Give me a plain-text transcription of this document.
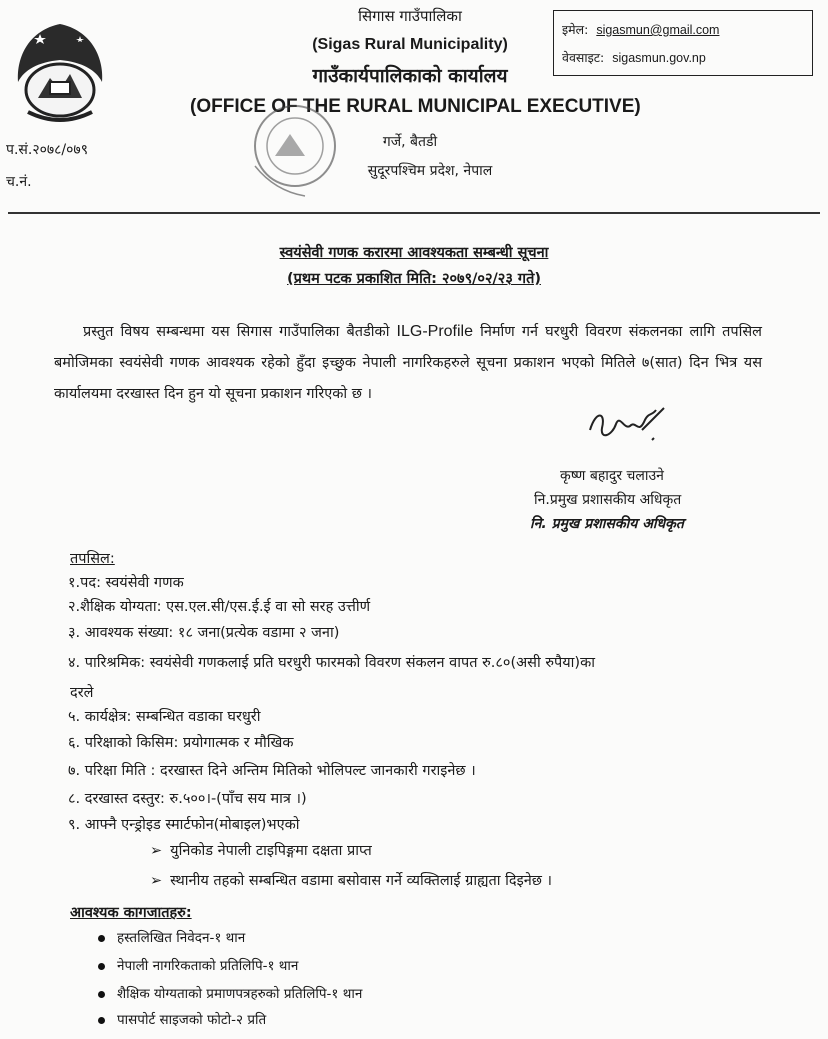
सिगास गाउँपालिका
(Sigas Rural Municipality)
गाउँकार्यपालिकाको कार्यालय
(OFFICE OF THE RURAL MUNICIPAL EXECUTIVE)
गर्जे, बैतडी
सुदूरपश्चिम प्रदेश, नेपाल
इमेल: sigasmun@gmail.com
वेवसाइट: sigasmun.gov.np
प.सं.२०७८/०७९
च.नं.
स्वयंसेवी गणक करारमा आवश्यकता सम्बन्धी सूचना
(प्रथम पटक प्रकाशित मिति: २०७९/०२/२३ गते)
  प्रस्तुत विषय सम्बन्धमा यस सिगास गाउँपालिका बैतडीको ILG-Profile निर्माण गर्न घरधुरी विवरण संकलनका लागि तपसिल बमोजिमका स्वयंसेवी गणक आवश्यक रहेको हुँदा इच्छुक नेपाली नागरिकहरुले सूचना प्रकाशन भएको मितिले ७(सात) दिन भित्र यस कार्यालयमा दरखास्त दिन हुन यो सूचना प्रकाशन गरिएको छ ।
कृष्ण बहादुर चलाउने
नि.प्रमुख प्रशासकीय अधिकृत
नि. प्रमुख प्रशासकीय अधिकृत
तपसिल:
१.पद: स्वयंसेवी गणक
२.शैक्षिक योग्यता: एस.एल.सी/एस.ई.ई वा सो सरह उत्तीर्ण
३. आवश्यक संख्या: १८ जना(प्रत्येक वडामा २ जना)
४. पारिश्रमिक: स्वयंसेवी गणकलाई प्रति घरधुरी फारमको विवरण संकलन वापत रु.८०(असी रुपैया)का
दरले
५. कार्यक्षेत्र: सम्बन्धित वडाका घरधुरी
६. परिक्षाको किसिम: प्रयोगात्मक र मौखिक
७. परिक्षा मिति : दरखास्त दिने अन्तिम मितिको भोलिपल्ट जानकारी गराइनेछ ।
८. दरखास्त दस्तुर: रु.५००।-(पाँच सय मात्र ।)
९. आफ्नै एन्ड्रोइड स्मार्टफोन(मोबाइल)भएको
➢ युनिकोड नेपाली टाइपिङ्गमा दक्षता प्राप्त
➢ स्थानीय तहको सम्बन्धित वडामा बसोवास गर्ने व्यक्तिलाई ग्राह्यता दिइनेछ ।
आवश्यक कागजातहरु:
हस्तलिखित निवेदन-१ थान
नेपाली नागरिकताको प्रतिलिपि-१ थान
शैक्षिक योग्यताको प्रमाणपत्रहरुको प्रतिलिपि-१ थान
पासपोर्ट साइजको फोटो-२ प्रति
